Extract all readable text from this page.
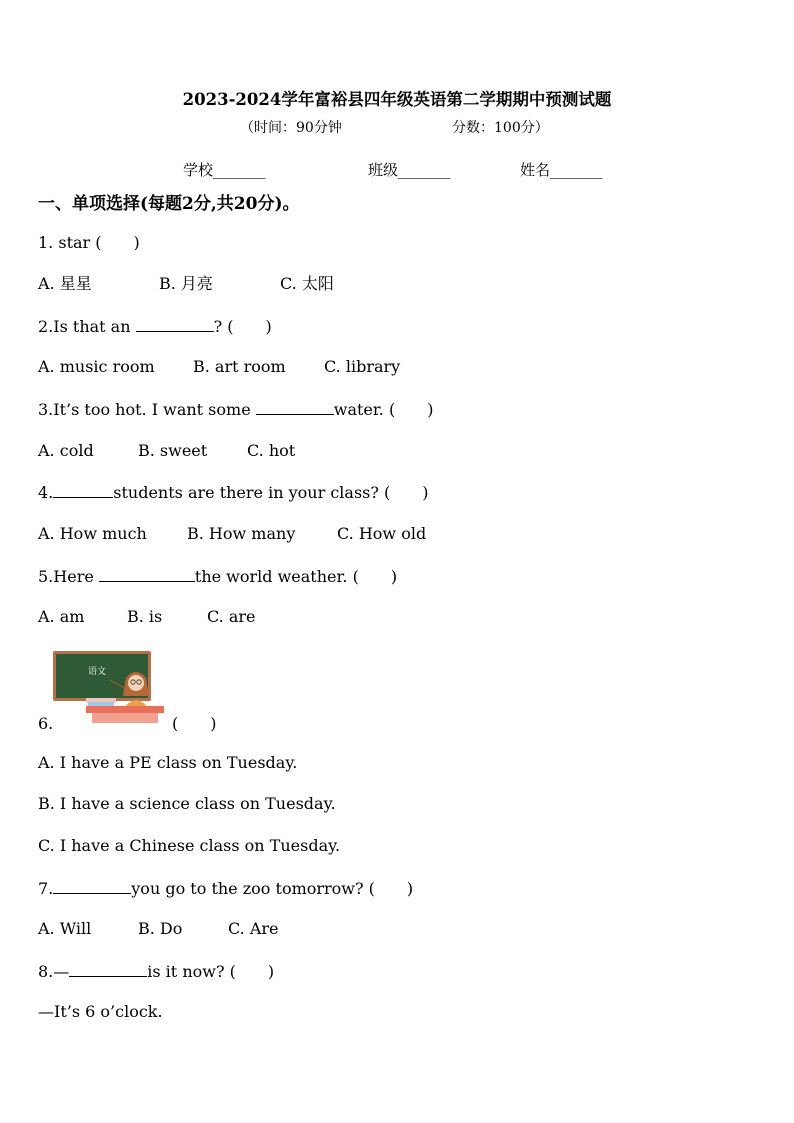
2023-2024学年富裕县四年级英语第二学期期中预测试题
（时间：90分钟	分数：100分）
学校_______	班级_______	姓名_______
一、单项选择(每题2分,共20分)。
1. star (　　)
A. 星星	B. 月亮	C. 太阳
2.Is that an	? (　　)
A. music room B. art room C. library
3.It’s too hot. I want some	water. (　　)
A. cold	B. sweet C. hot
4.	students are there in your class? (　　)
A. How much	B. How many	C. How old
5.Here	the world weather. (　　)
A. am	B. is	C. are
语文
6.	(　　)
A. I have a PE class on Tuesday.
B. I have a science class on Tuesday.
C. I have a Chinese class on Tuesday.
7.	you go to the zoo tomorrow? (　　)
A. Will	B. Do	C. Are
8.—	is it now? (　　)
—It’s 6 o’clock.
